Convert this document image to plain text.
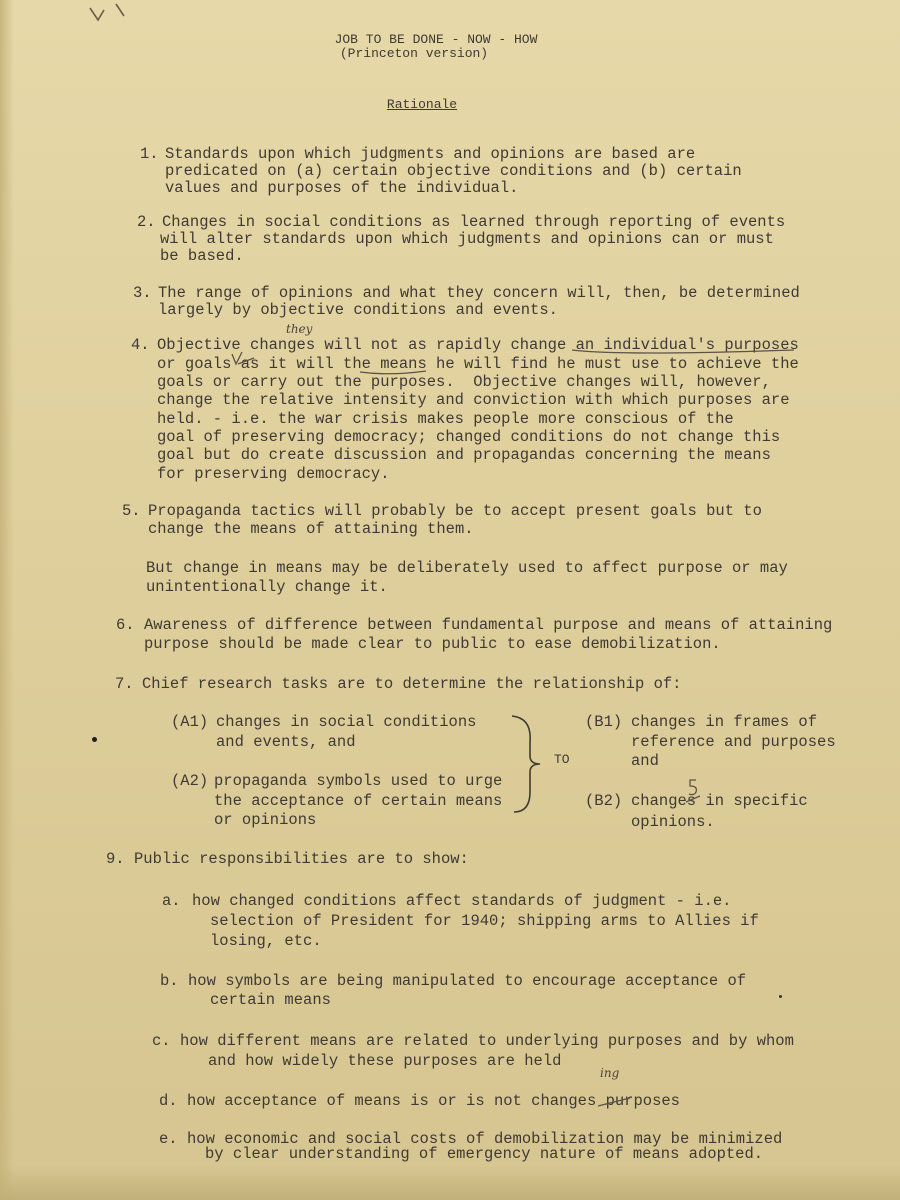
JOB TO BE DONE - NOW - HOW
(Princeton version)
Rationale
1. Standards upon which judgments and opinions are based are
predicated on (a) certain objective conditions and (b) certain
values and purposes of the individual.
2. Changes in social conditions as learned through reporting of events
will alter standards upon which judgments and opinions can or must
be based.
3. The range of opinions and what they concern will, then, be determined
largely by objective conditions and events.
they
4. Objective changes will not as rapidly change an individual's purposes
or goals as it will the means he will find he must use to achieve the
goals or carry out the purposes.  Objective changes will, however,
change the relative intensity and conviction with which purposes are
held. - i.e. the war crisis makes people more conscious of the
goal of preserving democracy; changed conditions do not change this
goal but do create discussion and propagandas concerning the means
for preserving democracy.
5. Propaganda tactics will probably be to accept present goals but to
change the means of attaining them.
But change in means may be deliberately used to affect purpose or may
unintentionally change it.
6. Awareness of difference between fundamental purpose and means of attaining
purpose should be made clear to public to ease demobilization.
7. Chief research tasks are to determine the relationship of:
(A1) changes in social conditions
and events, and
(A2) propaganda symbols used to urge
the acceptance of certain means
or opinions
TO
(B1) changes in frames of
reference and purposes
and
(B2) changes in specific
opinions.
9. Public responsibilities are to show:
a. how changed conditions affect standards of judgment - i.e.
selection of President for 1940; shipping arms to Allies if
losing, etc.
b. how symbols are being manipulated to encourage acceptance of
certain means
c. how different means are related to underlying purposes and by whom
and how widely these purposes are held
ing
d. how acceptance of means is or is not changes purposes
e. how economic and social costs of demobilization may be minimized
by clear understanding of emergency nature of means adopted.
